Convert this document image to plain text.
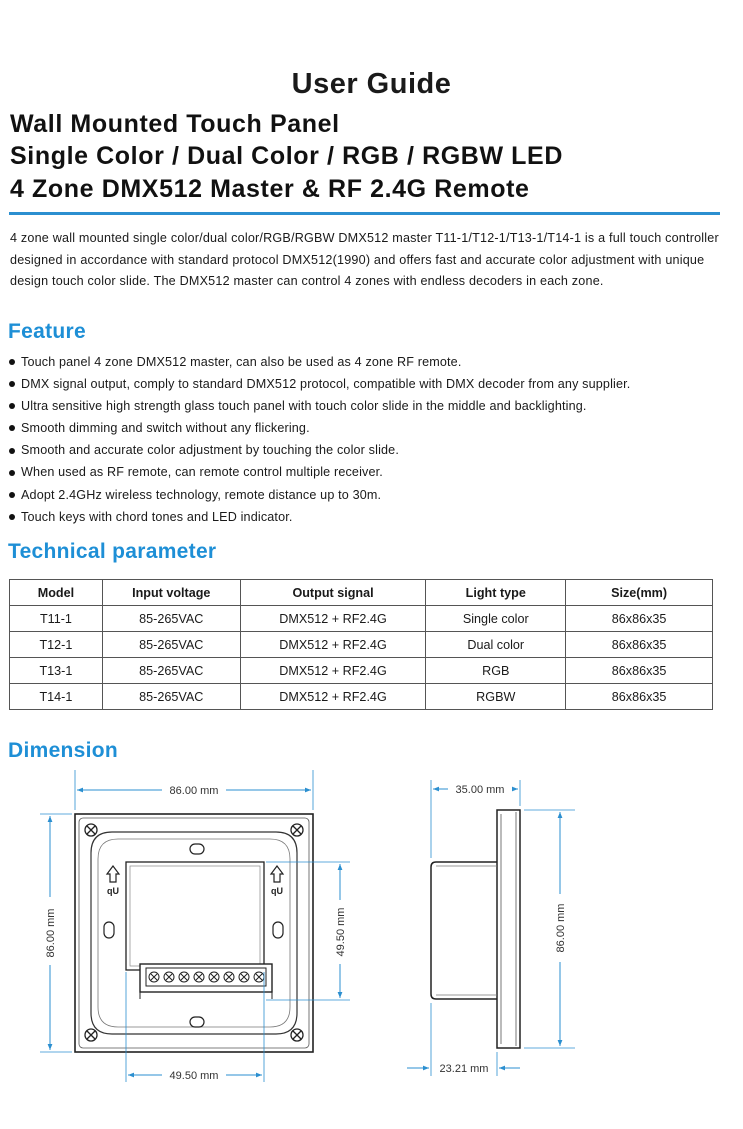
User Guide
Wall Mounted Touch Panel
Single Color / Dual Color / RGB / RGBW LED
4 Zone DMX512 Master & RF 2.4G Remote
4 zone wall mounted single color/dual color/RGB/RGBW DMX512 master T11-1/T12-1/T13-1/T14-1 is a full touch controller designed in accordance with standard protocol DMX512(1990) and offers fast and accurate color adjustment with unique design touch color slide. The DMX512 master can control 4 zones with endless decoders in each zone.
Feature
Touch panel 4 zone DMX512 master, can also be used as 4 zone RF remote.
DMX signal output, comply to standard DMX512 protocol, compatible with DMX decoder from any supplier.
Ultra sensitive high strength glass touch panel with touch color slide in the middle and backlighting.
Smooth dimming and switch without any flickering.
Smooth and accurate color adjustment by touching the color slide.
When used as RF remote, can remote control multiple receiver.
Adopt 2.4GHz wireless technology, remote distance up to 30m.
Touch keys with chord tones and LED indicator.
Technical parameter
Model	Input voltage	Output signal	Light type	Size(mm)
T11-1	85-265VAC	DMX512 + RF2.4G	Single color	86x86x35
T12-1	85-265VAC	DMX512 + RF2.4G	Dual color	86x86x35
T13-1	85-265VAC	DMX512 + RF2.4G	RGB	86x86x35
T14-1	85-265VAC	DMX512 + RF2.4G	RGBW	86x86x35
Dimension
qU	qU
86.00 mm
86.00 mm	49.50 mm
49.50 mm
35.00 mm
86.00 mm
23.21 mm
